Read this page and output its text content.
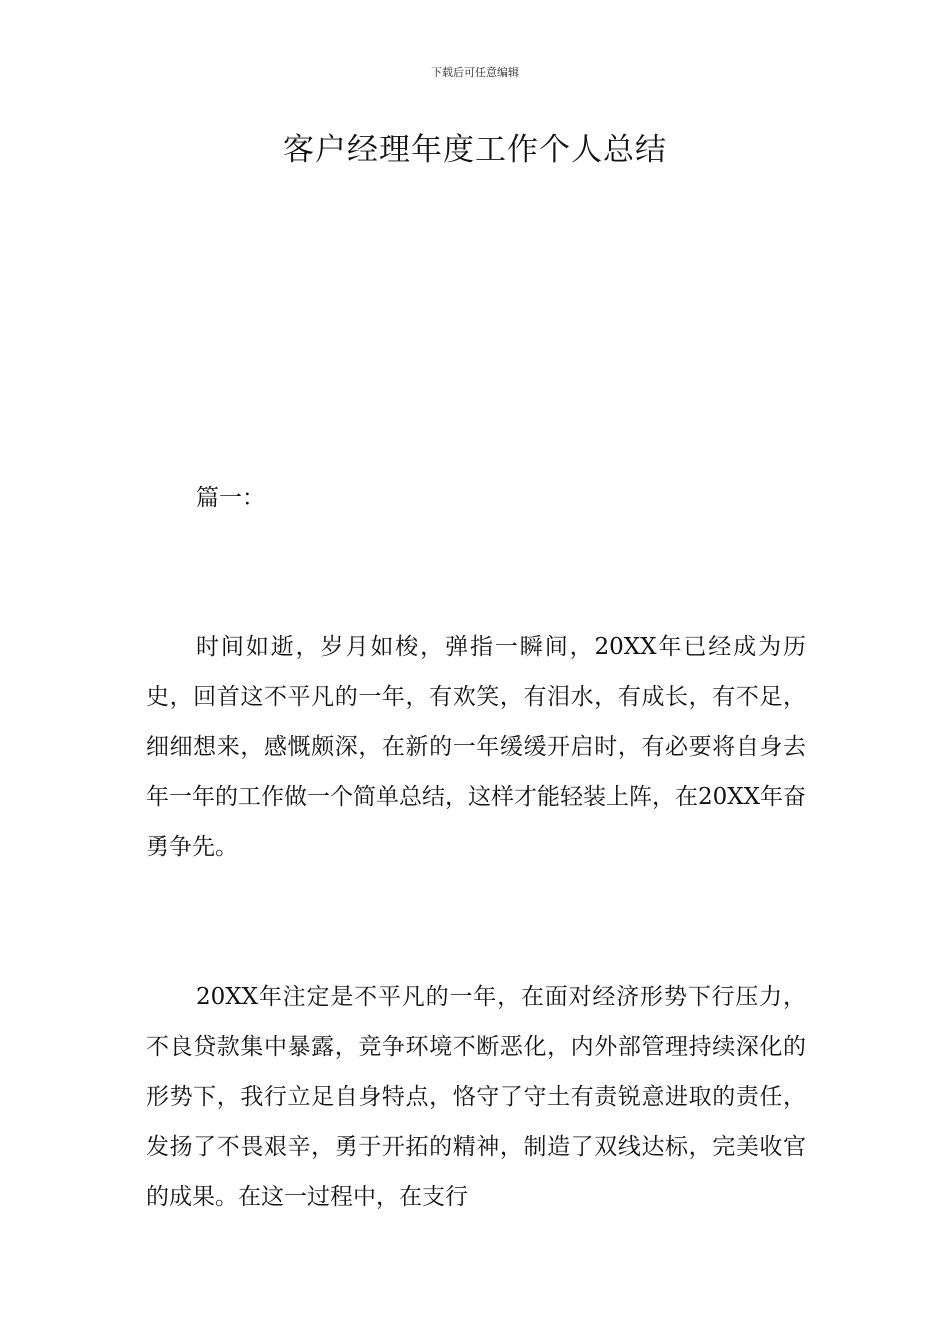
下载后可任意编辑
客户经理年度工作个人总结

篇一：

时间如逝，岁月如梭，弹指一瞬间，20XX年已经成为历史，回首这不平凡的一年，有欢笑，有泪水，有成长，有不足，细细想来，感慨颇深，在新的一年缓缓开启时，有必要将自身去年一年的工作做一个简单总结，这样才能轻装上阵，在20XX年奋勇争先。

20XX年注定是不平凡的一年，在面对经济形势下行压力，不良贷款集中暴露，竞争环境不断恶化，内外部管理持续深化的形势下，我行立足自身特点，恪守了守土有责锐意进取的责任，发扬了不畏艰辛，勇于开拓的精神，制造了双线达标，完美收官的成果。在这一过程中，在支行
